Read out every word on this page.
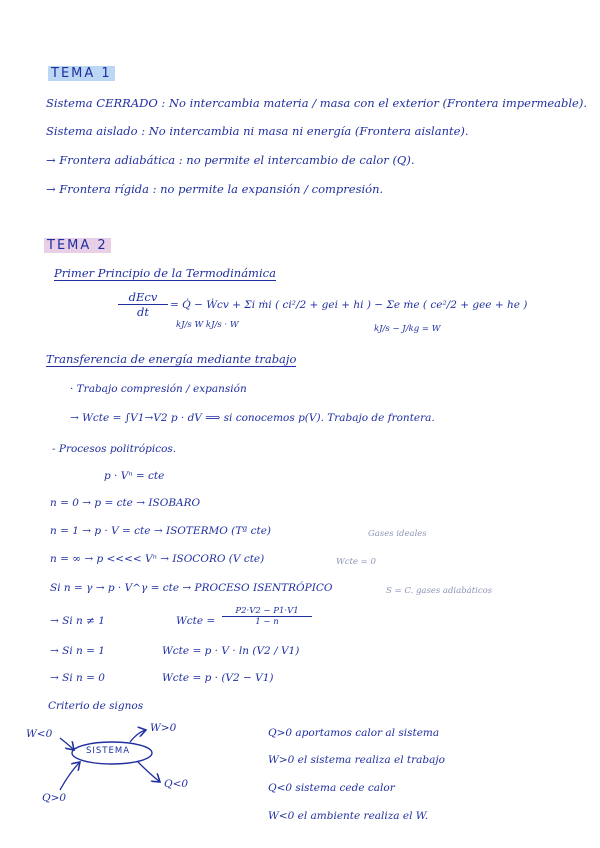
TEMA 1
Sistema CERRADO : No intercambia materia / masa con el exterior (Frontera impermeable).
Sistema aislado : No intercambia ni masa ni energía (Frontera aislante).
→ Frontera adiabática : no permite el intercambio de calor (Q).
→ Frontera rígida : no permite la expansión / compresión.
TEMA 2
Primer Principio de la Termodinámica
dEcv
dt	= Q̇ − Ẇcv + Σi ṁi ( ci²/2 + gei + hi ) − Σe ṁe ( ce²/2 + gee + he )
kJ/s W kJ/s · W	kJ/s − J/kg = W
Transferencia de energía mediante trabajo
· Trabajo compresión / expansión
→ Wcte = ∫V1→V2 p · dV ⟹ si conocemos p(V). Trabajo de frontera.
- Procesos politrópicos.
p · Vⁿ = cte
n = 0 → p = cte → ISOBARO
n = 1 → p · V = cte → ISOTERMO (Tª cte)	Gases ideales
n = ∞ → p <<<< Vⁿ → ISOCORO (V cte)	Wcte = 0
Si n = γ → p · V^γ = cte → PROCESO ISENTRÓPICO	S = C. gases adiabáticos
→ Si n ≠ 1	Wcte = $\frac{P2\cdot V2 - P1\cdot V1}{1 - n}$
→ Si n = 1	Wcte = p · V · ln (V2 / V1)
→ Si n = 0	Wcte = p · (V2 − V1)
Criterio de signos
SISTEMA
W<0	W>0
Q>0
Q<0
Q>0 aportamos calor al sistema
W>0 el sistema realiza el trabajo
Q<0 sistema cede calor
W<0 el ambiente realiza el W.
